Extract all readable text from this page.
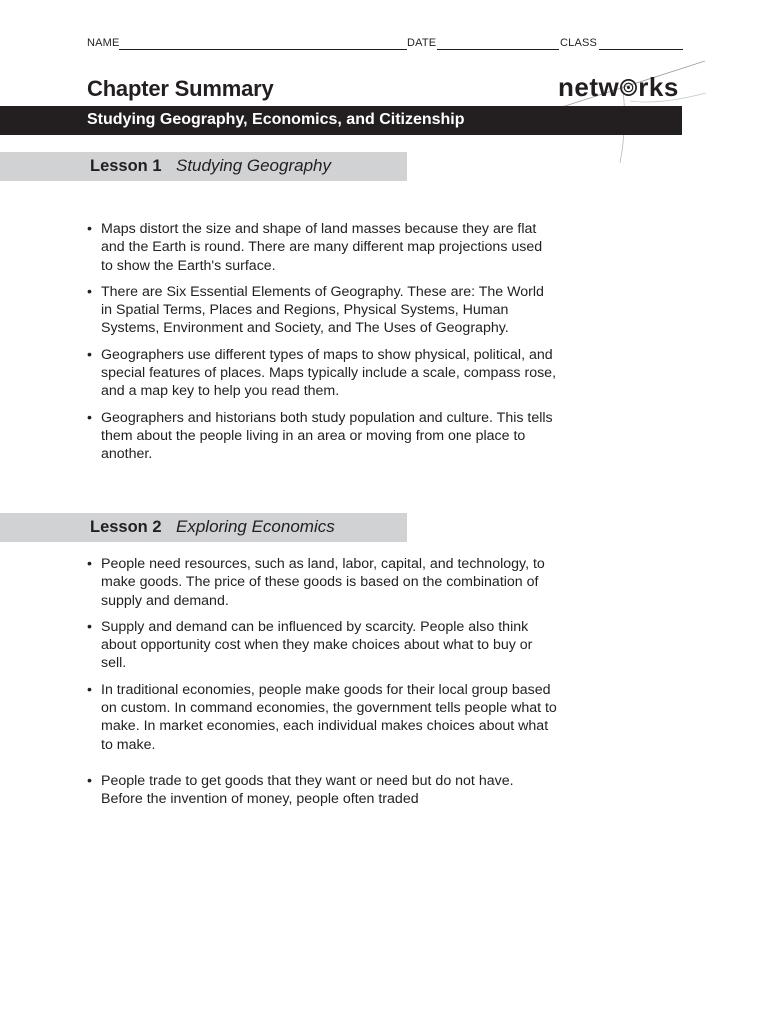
NAME	DATE	CLASS
Chapter Summary	netw rks
Studying Geography, Economics, and Citizenship
Lesson 1 Studying Geography
• Maps distort the size and shape of land masses because they are flat and the Earth is round. There are many different map projections used to show the Earth's surface.
• There are Six Essential Elements of Geography. These are: The World in Spatial Terms, Places and Regions, Physical Systems, Human Systems, Environment and Society, and The Uses of Geography.
• Geographers use different types of maps to show physical, political, and special features of places. Maps typically include a scale, compass rose, and a map key to help you read them.
• Geographers and historians both study population and culture. This tells them about the people living in an area or moving from one place to another.
Lesson 2 Exploring Economics
• People need resources, such as land, labor, capital, and technology, to make goods. The price of these goods is based on the combination of supply and demand.
• Supply and demand can be influenced by scarcity. People also think about opportunity cost when they make choices about what to buy or sell.
• In traditional economies, people make goods for their local group based on custom. In command economies, the government tells people what to make. In market economies, each individual makes choices about what to make.
• People trade to get goods that they want or need but do not have. Before the invention of money, people often traded
